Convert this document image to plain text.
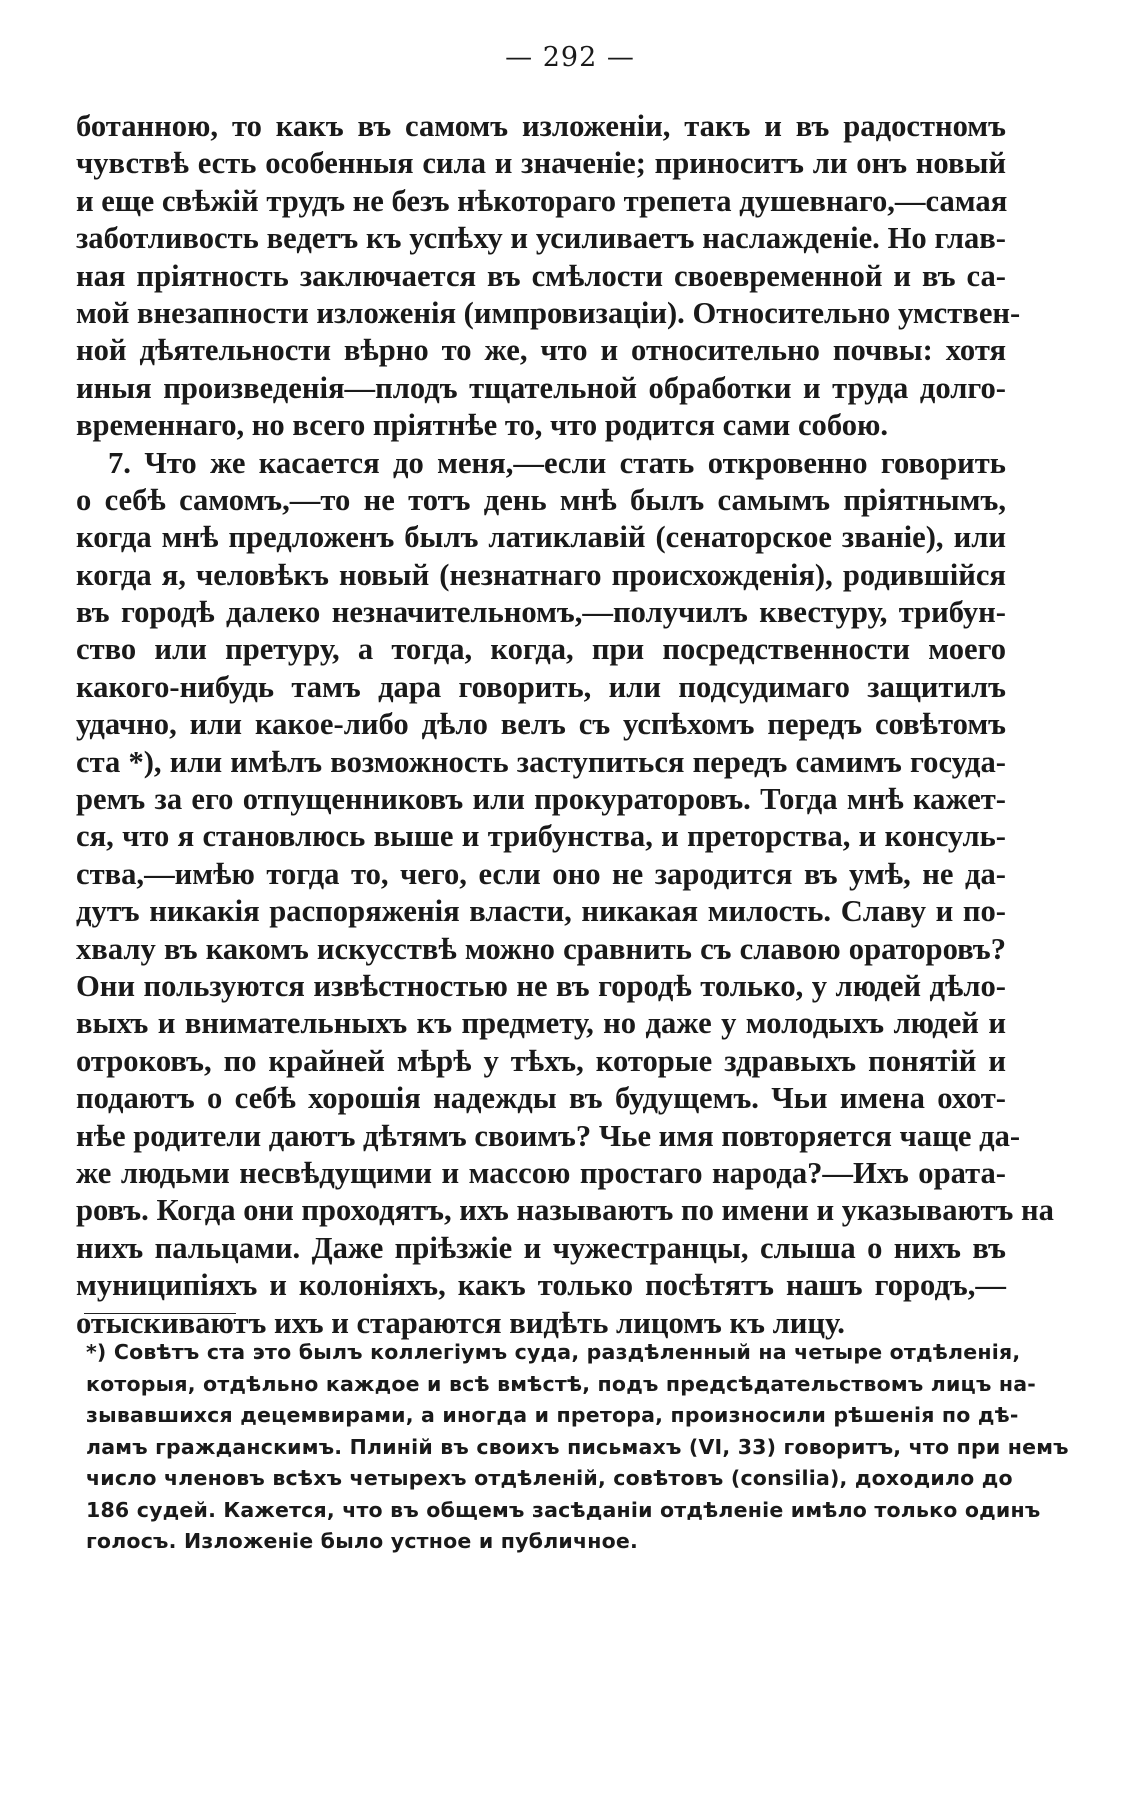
— 292 —
ботанною, то какъ въ самомъ изложеніи, такъ и въ радостномъ
чувствѣ есть особенныя сила и значеніе; приноситъ ли онъ новый
и еще свѣжій трудъ не безъ нѣкотораго трепета душевнаго,—самая
заботливость ведетъ къ успѣху и усиливаетъ наслажденіе. Но глав-
ная пріятность заключается въ смѣлости своевременной и въ са-
мой внезапности изложенія (импровизаціи). Относительно умствен-
ной дѣятельности вѣрно то же, что и относительно почвы: хотя
иныя произведенія—плодъ тщательной обработки и труда долго-
временнаго, но всего пріятнѣе то, что родится сами собою.
7. Что же касается до меня,—если стать откровенно говорить
о себѣ самомъ,—то не тотъ день мнѣ былъ самымъ пріятнымъ,
когда мнѣ предложенъ былъ латиклавій (сенаторское званіе), или
когда я, человѣкъ новый (незнатнаго происхожденія), родившійся
въ городѣ далеко незначительномъ,—получилъ квестуру, трибун-
ство или претуру, а тогда, когда, при посредственности моего
какого-нибудь тамъ дара говорить, или подсудимаго защитилъ
удачно, или какое-либо дѣло велъ съ успѣхомъ передъ совѣтомъ
ста *), или имѣлъ возможность заступиться передъ самимъ госуда-
ремъ за его отпущенниковъ или прокураторовъ. Тогда мнѣ кажет-
ся, что я становлюсь выше и трибунства, и преторства, и консуль-
ства,—имѣю тогда то, чего, если оно не зародится въ умѣ, не да-
дутъ никакія распоряженія власти, никакая милость. Славу и по-
хвалу въ какомъ искусствѣ можно сравнить съ славою ораторовъ?
Они пользуются извѣстностью не въ городѣ только, у людей дѣло-
выхъ и внимательныхъ къ предмету, но даже у молодыхъ людей и
отроковъ, по крайней мѣрѣ у тѣхъ, которые здравыхъ понятій и
подаютъ о себѣ хорошія надежды въ будущемъ. Чьи имена охот-
нѣе родители даютъ дѣтямъ своимъ? Чье имя повторяется чаще да-
же людьми несвѣдущими и массою простаго народа?—Ихъ ората-
ровъ. Когда они проходятъ, ихъ называютъ по имени и указываютъ на
нихъ пальцами. Даже пріѣзжіе и чужестранцы, слыша о нихъ въ
муниципіяхъ и колоніяхъ, какъ только посѣтятъ нашъ городъ,—
отыскиваютъ ихъ и стараются видѣть лицомъ къ лицу.
*) Совѣтъ ста это былъ коллегіумъ суда, раздѣленный на четыре отдѣленія,
которыя, отдѣльно каждое и всѣ вмѣстѣ, подъ предсѣдательствомъ лицъ на-
зывавшихся децемвирами, а иногда и претора, произносили рѣшенія по дѣ-
ламъ гражданскимъ. Плиній въ своихъ письмахъ (VI, 33) говоритъ, что при немъ
число членовъ всѣхъ четырехъ отдѣленій, совѣтовъ (consilia), доходило до
186 судей. Кажется, что въ общемъ засѣданіи отдѣленіе имѣло только одинъ
голосъ. Изложеніе было устное и публичное.
